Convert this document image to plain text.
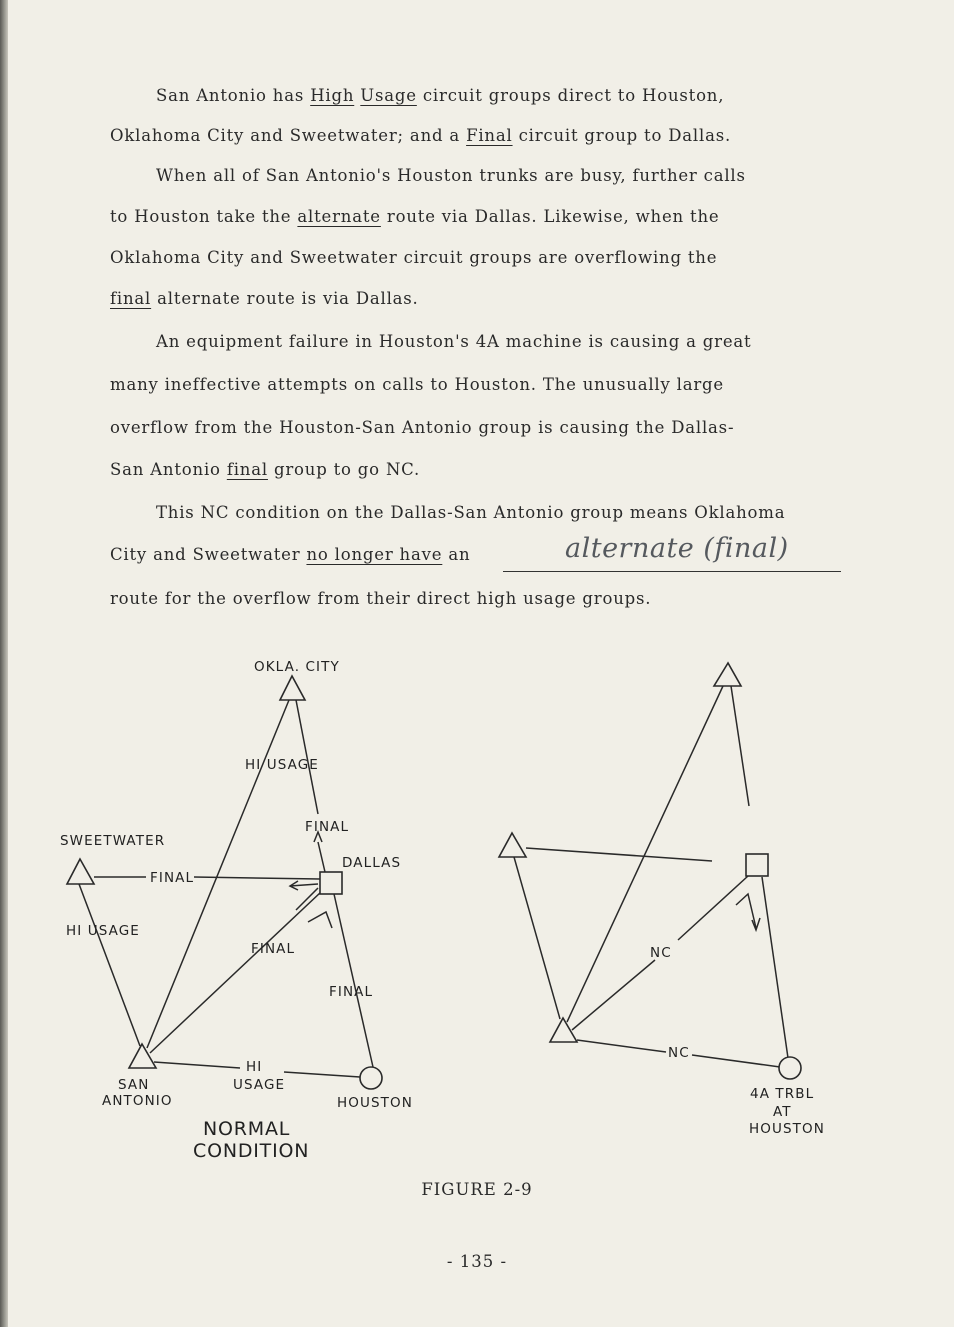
San Antonio has High Usage circuit groups direct to Houston,
Oklahoma City and Sweetwater; and a Final circuit group to Dallas.
When all of San Antonio's Houston trunks are busy, further calls
to Houston take the alternate route via Dallas. Likewise, when the
Oklahoma City and Sweetwater circuit groups are overflowing the
final alternate route is via Dallas.
An equipment failure in Houston's 4A machine is causing a great
many ineffective attempts on calls to Houston. The unusually large
overflow from the Houston-San Antonio group is causing the Dallas-
San Antonio final group to go NC.
This NC condition on the Dallas-San Antonio group means Oklahoma
City and Sweetwater no longer have an	alternate (final)
route for the overflow from their direct high usage groups.
OKLA. CITY
SWEETWATER
DALLAS
SAN
ANTONIO	HOUSTON
HI USAGE
FINAL
FINAL
HI USAGE
FINAL
FINAL
HI
USAGE
NORMAL
CONDITION
NC
NC
4A TRBL
AT
HOUSTON
FIGURE 2-9
- 135 -
